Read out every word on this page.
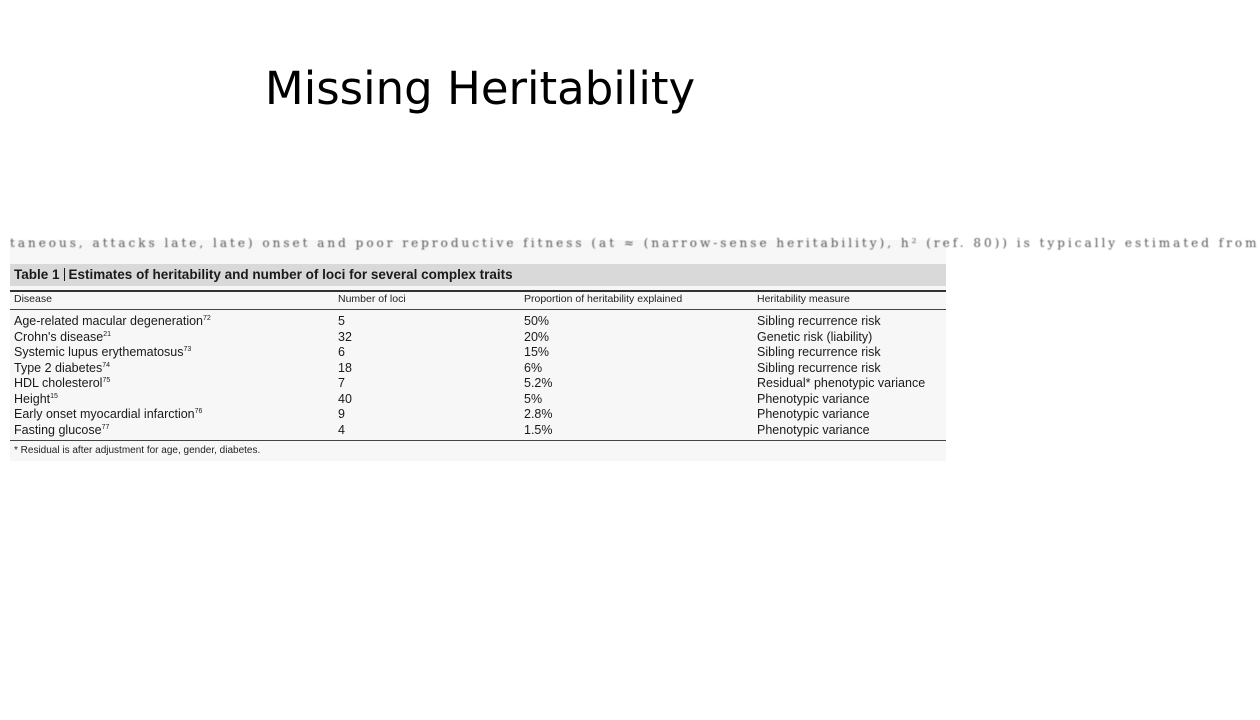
Missing Heritability
taneous, attacks late, late) onset and poor reproductive fitness (at ≈ (narrow-sense heritability), h² (ref. 80)) is typically estimated from
Table 1 Estimates of heritability and number of loci for several complex traits
Disease	Number of loci	Proportion of heritability explained	Heritability measure
Age-related macular degeneration$^{72}$	5	50%	Sibling recurrence risk
Crohn's disease$^{21}$	32	20%	Genetic risk (liability)
Systemic lupus erythematosus$^{73}$	6	15%	Sibling recurrence risk
Type 2 diabetes$^{74}$	18	6%	Sibling recurrence risk
HDL cholesterol$^{75}$	7	5.2%	Residual* phenotypic variance
Height$^{15}$	40	5%	Phenotypic variance
Early onset myocardial infarction$^{76}$	9	2.8%	Phenotypic variance
Fasting glucose$^{77}$	4	1.5%	Phenotypic variance
* Residual is after adjustment for age, gender, diabetes.
